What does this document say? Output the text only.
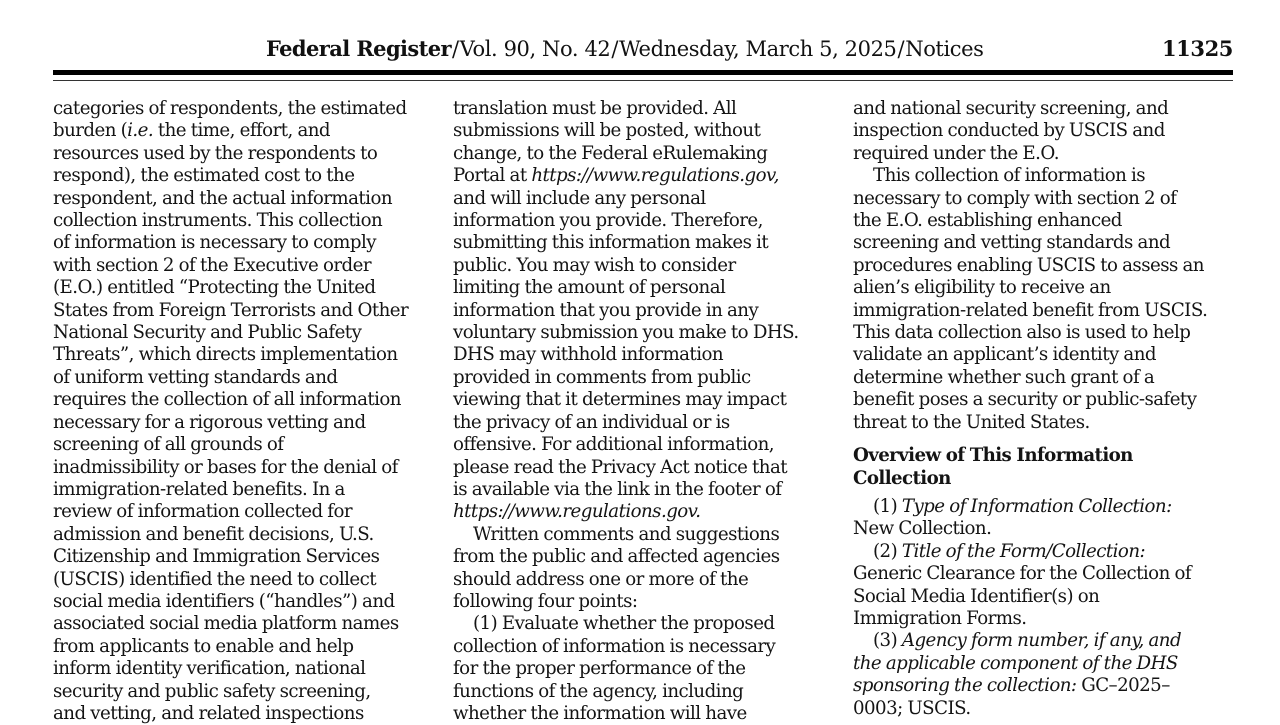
Federal Register/Vol. 90, No. 42/Wednesday, March 5, 2025/Notices	11325
categories of respondents, the estimated
burden (i.e. the time, effort, and
resources used by the respondents to
respond), the estimated cost to the
respondent, and the actual information
collection instruments. This collection
of information is necessary to comply
with section 2 of the Executive order
(E.O.) entitled “Protecting the United
States from Foreign Terrorists and Other
National Security and Public Safety
Threats”, which directs implementation
of uniform vetting standards and
requires the collection of all information
necessary for a rigorous vetting and
screening of all grounds of
inadmissibility or bases for the denial of
immigration-related benefits. In a
review of information collected for
admission and benefit decisions, U.S.
Citizenship and Immigration Services
(USCIS) identified the need to collect
social media identifiers (“handles”) and
associated social media platform names
from applicants to enable and help
inform identity verification, national
security and public safety screening,
and vetting, and related inspections
translation must be provided. All
submissions will be posted, without
change, to the Federal eRulemaking
Portal at https://www.regulations.gov,
and will include any personal
information you provide. Therefore,
submitting this information makes it
public. You may wish to consider
limiting the amount of personal
information that you provide in any
voluntary submission you make to DHS.
DHS may withhold information
provided in comments from public
viewing that it determines may impact
the privacy of an individual or is
offensive. For additional information,
please read the Privacy Act notice that
is available via the link in the footer of
https://www.regulations.gov.
Written comments and suggestions
from the public and affected agencies
should address one or more of the
following four points:
(1) Evaluate whether the proposed
collection of information is necessary
for the proper performance of the
functions of the agency, including
whether the information will have
and national security screening, and
inspection conducted by USCIS and
required under the E.O.
This collection of information is
necessary to comply with section 2 of
the E.O. establishing enhanced
screening and vetting standards and
procedures enabling USCIS to assess an
alien’s eligibility to receive an
immigration-related benefit from USCIS.
This data collection also is used to help
validate an applicant’s identity and
determine whether such grant of a
benefit poses a security or public-safety
threat to the United States.
Overview of This Information
Collection
(1) Type of Information Collection:
New Collection.
(2) Title of the Form/Collection:
Generic Clearance for the Collection of
Social Media Identifier(s) on
Immigration Forms.
(3) Agency form number, if any, and
the applicable component of the DHS
sponsoring the collection: GC–2025–
0003; USCIS.
